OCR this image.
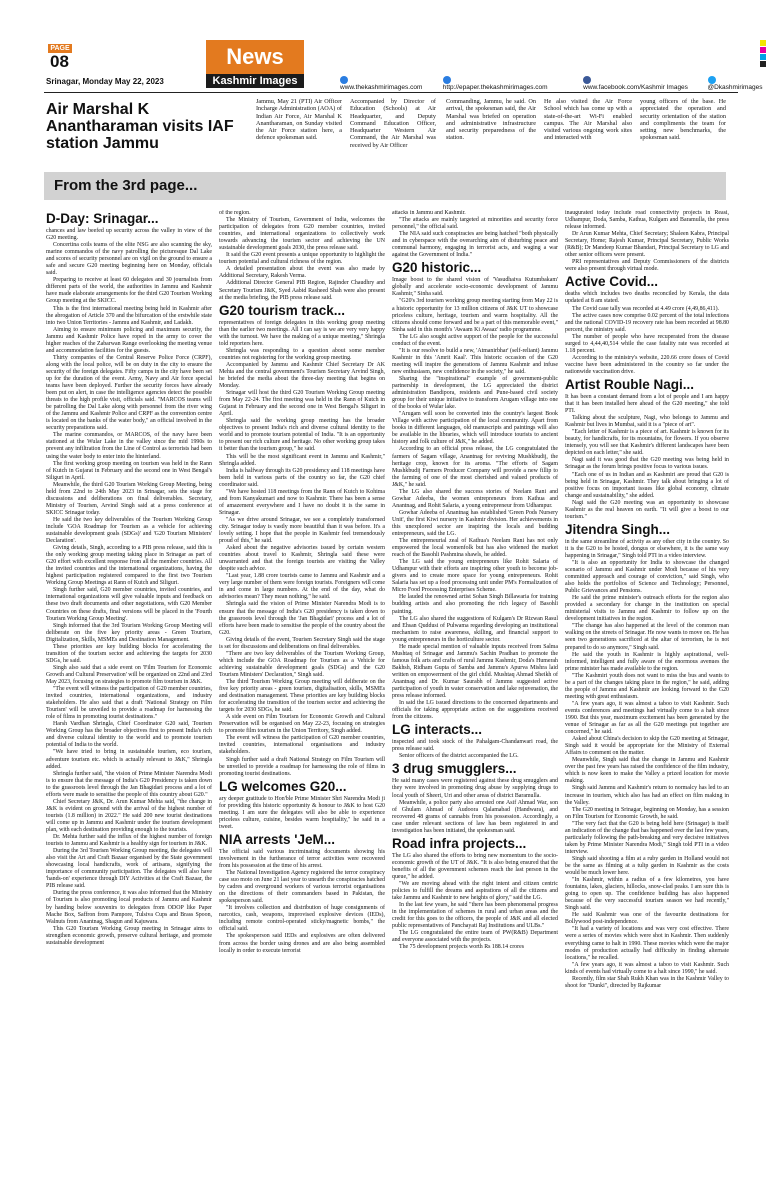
PAGE
08
Srinagar, Monday May 22, 2023
News
Kashmir Images
www.thekashmirimages.com	http://epaper.thekashmirimages.com	www.facebook.com/Kashmir Images	@Dkashmirimages
Air Marshal K Anantharaman visits IAF station Jammu
Jammu, May 21 (PTI) Air Officer Incharge Administration (AOA) of Indian Air Force, Air Marshal K Anantharaman, on Sunday visited the Air Force station here, a defence spokesman said.
Accompanied by Director of Education (Schools) at Air Headquarter, and Deputy Command Education Officer, Headquarter Western Air Command, the Air Marshal was received by Air Officer
Commanding, Jammu, he said. On arrival, the spokesman said, the Air Marshal was briefed on operation and administrative infrastructure and security preparedness of the station.
He also visited the Air Force School which has come up with a state-of-the-art Wi-Fi enabled campus. The Air Marshal also visited various ongoing work sites and interacted with
young officers of the base. He appreciated the operation and security orientation of the station and compliments the team for setting new benchmarks, the spokesman said.
From the 3rd page...
D-Day: Srinagar...

chances and law beefed up security across the valley in view of the G20 meeting.

Concertina coils teams of the elite NSG are also scanning the sky, marine commandos of the navy patrolling the picturesque Dal Lake and scores of security personnel are on vigil on the ground to ensure a safe and secure G20 meeting beginning here on Monday, officials said.

Preparing to receive at least 60 delegates and 30 journalists from different parts of the world, the authorities in Jammu and Kashmir have made elaborate arrangements for the third G20 Tourism Working Group meeting at the SKICC.

This is the first international meeting being held in Kashmir after the abrogation of Article 370 and the bifurcation of the erstwhile state into two Union Territories - Jammu and Kashmir, and Ladakh.

Aiming to ensure minimum policing and maximum security, the Jammu and Kashmir Police have roped in the army to cover the higher reaches of the Zabarwan Range overlooking the meeting venue and accommodation facilities for the guests.

Thirty companies of the Central Reserve Police Force (CRPF), along with the local police, will be on duty in the city to ensure the security of the foreign delegates. Fifty camps in the city have been set up for the duration of the event. Army, Navy and Air force special teams have been deployed. Further the security forces have already been put on alert, in case the intelligence agencies detect the possible threats to the high profile visit, officials said. "MARCOS teams will be patrolling the Dal Lake along with personnel from the river wing of the Jammu and Kashmir Police and CRPF as the convention centre is located on the banks of the water body," an official involved in the security preparations said.

The marine commandos, or MARCOS, of the navy have been stationed at the Wular Lake in the valley since the mid 1990s to prevent any infiltration from the Line of Control as terrorists had been using the water body to enter into the hinterland.

The first working group meeting on tourism was held in the Rann of Kutch in Gujarat in February and the second one in West Bengal's Siliguri in April.

Meanwhile, the third G20 Tourism Working Group Meeting, being held from 22nd to 24th May 2023 in Srinagar, sets the stage for discussions and deliberations on final deliverables. Secretary, Ministry of Tourism, Arvind Singh said at a press conference at SKICC Srinagar today.

He said the two key deliverables of the Tourism Working Group include 'GOA Roadmap for Tourism as a vehicle for achieving sustainable development goals (SDGs)' and 'G20 Tourism Ministers' Declaration'.

Giving details, Singh, according to a PIB press release, said this is the only working group meeting taking place in Srinagar as part of G20 effort with excellent response from all the member countries. All the invited countries and the international organizations, having the highest participation registered compared to the first two Tourism Working Group Meetings at Rann of Kutch and Siliguri.

Singh further said, G20 member countries, invited countries, and international organizations will give valuable inputs and feedback on these two draft documents and other negotiations, with G20 Member Countries on these drafts, final versions will be placed in the 'Fourth Tourism Working Group Meeting'.

Singh informed that the 3rd Tourism Working Group Meeting will deliberate on the five key priority areas - Green Tourism, Digitalization, Skills, MSMEs and Destination Management.

These priorities are key building blocks for accelerating the transition of the tourism sector and achieving the targets for 2030 SDGs, he said.

Singh also said that a side event on 'Film Tourism for Economic Growth and Cultural Preservation' will be organized on 22nd and 23rd May 2023, focusing on strategies to promote film tourism in J&K.

"The event will witness the participation of G20 member countries, invited countries, international organizations, and industry stakeholders. He also said that a draft 'National Strategy on Film Tourism' will be unveiled to provide a roadmap for harnessing the role of films in promoting tourist destinations."

Harsh Vardhan Shringla, Chief Coordinator G20 said, Tourism Working Group has the broader objectives first to present India's rich and diverse cultural identity to the world and to promote tourism potential of India to the world.

"We have tried to bring in sustainable tourism, eco tourism, adventure tourism etc. which is actually relevant to J&K," Shringla added.

Shringla further said, "the vision of Prime Minister Narendra Modi is to ensure that the message of India's G20 Presidency is taken down to the grassroots level through the Jan Bhagidari process and a lot of efforts were made to sensitise the people of this country about G20."

Chief Secretary J&K, Dr. Arun Kumar Mehta said, "the change in J&K is evident on ground with the arrival of the highest number of tourists (1.8 million) in 2022." He said 200 new tourist destinations will come up in Jammu and Kashmir under the tourism development plan, with each destination providing enough to the tourists.

Dr. Mehta further said the influx of the highest number of foreign tourists to Jammu and Kashmir is a healthy sign for tourism in J&K.

During the 3rd Tourism Working Group meeting, the delegates will also visit the Art and Craft Bazaar organised by the State government showcasing local handicrafts, work of artisans, signifying the importance of community participation. The delegates will also have 'hands-on' experience through DIY Activities at the Craft Bazaar, the PIB release said.

During the press conference, it was also informed that the Ministry of Tourism is also promoting local products of Jammu and Kashmir by handing below souvenirs to delegates from ODOP like Paper Mache Box, Saffron from Pampore, Tulsiva Cups and Brass Spoon, Walnuts from Anantnag, Shagun and Kajuwara.

This G20 Tourism Working Group meeting in Srinagar aims to strengthen economic growth, preserve cultural heritage, and promote sustainable development

of the region.

The Ministry of Tourism, Government of India, welcomes the participation of delegates from G20 member countries, invited countries, and international organizations to collectively work towards advancing the tourism sector and achieving the UN sustainable development goals 2030, the press release said.

It said the G20 event presents a unique opportunity to highlight the tourism potential and cultural richness of the region.

A detailed presentation about the event was also made by Additional Secretary, Rakesh Verma.

Additional Director General PIB Region, Rajinder Chaudhry and Secretary Tourism J&K, Syed Aabid Rasheed Shah were also present at the media briefing, the PIB press release said.

G20 tourism track...

representatives of foreign delegates in this working group meeting than the earlier two meetings. All I can say is we are very very happy with the turnout. We have the making of a unique meeting," Shringla told reporters here.

Shringla was responding to a question about some member countries not registering for the working group meeting.

Accompanied by Jammu and Kashmir Chief Secretary Dr AK Mehta and the central government's Tourism Secretary Arvind Singh, he briefed the media about the three-day meeting that begins on Monday.

Srinagar will host the third G20 Tourism Working Group meeting from May 22-24. The first meeting was held in the Rann of Kutch in Gujarat in February and the second one in West Bengal's Siliguri in April.

Shringla said the working group meeting has the broader objectives to present India's rich and diverse cultural identity to the world and to promote tourism potential of India. "It is an opportunity to present our rich culture and heritage. No other working group takes it better than the tourism group," he said.

This will be the most significant event in Jammu and Kashmir," Shringla added.

India is halfway through its G20 presidency and 118 meetings have been held in various parts of the country so far, the G20 chief coordinator said.

"We have hosted 118 meetings from the Rann of Kutch to Kohima and from Kanyakumari and now to Kashmir. There has been a sense of amazement everywhere and I have no doubt it is the same in Srinagar.

"As we drive around Srinagar, we see a completely transformed city. Srinagar today is vastly more beautiful than it was before. It's a lovely setting. I hope that the people in Kashmir feel tremendously proud of this," he said.

Asked about the negative advisories issued by certain western countries about travel to Kashmir, Shringla said these were unwarranted and that the foreign tourists are visiting the Valley despite such advice.

"Last year, 1.88 crore tourists came to Jammu and Kashmir and a very large number of them were foreign tourists. Foreigners will come in and come in large numbers. At the end of the day, what do advisories mean? They mean nothing," he said.

Shringla said the vision of Prime Minister Narendra Modi is to ensure that the message of India's G20 presidency is taken down to the grassroots level through the 'Jan Bhagidari' process and a lot of efforts have been made to sensitise the people of the country about the G20.

Giving details of the event, Tourism Secretary Singh said the stage is set for discussions and deliberations on final deliverables.

"There are two key deliverables of the Tourism Working Group, which include the GOA Roadmap for Tourism as a Vehicle for achieving sustainable development goals (SDGs) and the G20 Tourism Ministers' Declaration," Singh said.

The third Tourism Working Group meeting will deliberate on the five key priority areas - green tourism, digitalisation, skills, MSMEs and destination management. These priorities are key building blocks for accelerating the transition of the tourism sector and achieving the targets for 2030 SDGs, he said.

A side event on Film Tourism for Economic Growth and Cultural Preservation will be organised on May 22-23, focusing on strategies to promote film tourism in the Union Territory, Singh added.

The event will witness the participation of G20 member countries, invited countries, international organisations and industry stakeholders.

Singh further said a draft National Strategy on Film Tourism will be unveiled to provide a roadmap for harnessing the role of films in promoting tourist destinations.

LG welcomes G20...

ary deeper gratitude to Hon'ble Prime Minister Shri Narendra Modi ji for providing this historic opportunity & honour to J&K to host G20 meeting. I am sure the delegates will also be able to experience priceless culture, cuisine, besides warm hospitality," he said in a tweet.

NIA arrests 'JeM...

The official said various incriminating documents showing his involvement in the furtherance of terror activities were recovered from his possession at the time of his arrest.

The National Investigation Agency registered the terror conspiracy case suo moto on June 21 last year to unearth the conspiracies hatched by cadres and overground workers of various terrorist organisations on the directions of their commanders based in Pakistan, the spokesperson said.

"It involves collection and distribution of huge consignments of narcotics, cash, weapons, improvised explosive devices (IEDs), including remote control-operated sticky/magnetic bombs," the official said.

The spokesperson said IEDs and explosives are often delivered from across the border using drones and are also being assembled locally in order to execute terrorist

attacks in Jammu and Kashmir.

"The attacks are mainly targeted at minorities and security force personnel," the official said.

The NIA said such conspiracies are being hatched "both physically and in cyberspace with the overarching aim of disturbing peace and communal harmony, engaging in terrorist acts, and waging a war against the Government of India."

G20 historic...

Image boost to the shared vision of 'Vasudhaiva Kutumbakam' globally and accelerate socio-economic development of Jammu Kashmir," Sinha said.

"G20's 3rd tourism working group meeting starting from May 22 is a historic opportunity for 13 million citizens of J&K UT to showcase priceless culture, heritage, tourism and warm hospitality. All the citizens should come forward and be a part of this memorable event," Sinha said in this month's 'Awaam Ki Awaaz' radio programme.

The LG also sought active support of the people for the successful conduct of the event.

"It is our resolve to build a new, 'Atmanirbhar' (self-reliant) Jammu Kashmir in this 'Amrit Kaal'. This historic occasion of the G20 meeting will inspire the generations of Jammu Kashmir and infuse new enthusiasm, new confidence in the society," he said.

Sharing the "inspirational" example of government-public partnership in development, the LG appreciated the district administration Bandipora, residents and Pune-based civil society group for their unique initiative to transform Arugam village into one of the books of Wular lake.

"Arugam will soon be converted into the country's largest Book Village with active participation of the local community. Apart from books in different languages, old manuscripts and paintings will also be available in the libraries, which will introduce tourists to ancient history and folk culture of J&K," he added.

According to an official press release, the LG congratulated the farmers of Sagam village, Anantnag for reviving Mushkbudij, the heritage crop, known for its aroma. "The efforts of Sagam Mushkbudij Farmers Producer Company will provide a new fillip to the farming of one of the most cherished and valued products of J&K," he said.

The LG also shared the success stories of Neelam Rani and Gowhar Adeeba, the women entrepreneurs from Kathua and Anantnag, and Rohit Salaria, a young entrepreneur from Udhampur.

Gowhar Adeeba of Anantnag has established 'Green Pods Nursery Unit', the first Kiwi nursery in Kashmir division. Her achievements in this unexplored sector are inspiring the locals and budding entrepreneurs, said the LG.

The entrepreneurial zeal of Kathua's Neelam Rani has not only empowered the local womenfolk but has also widened the market reach of the Basohli Pashmina shawls, he added.

The LG said the young entrepreneurs like Rohit Salaria of Udhampur with their efforts are inspiring other youth to become job-givers and to create more space for young entrepreneurs. Rohit Salaria has set up a food processing unit under PM's Formalization of Micro Food Processing Enterprises Scheme.

He lauded the renowned artist Sohan Singh Billawaria for training budding artists and also promoting the rich legacy of Basohli painting.

The LG also shared the suggestions of Kulgam's Dr Rizwan Rasul and Ehsan Quddusi of Pulwama regarding developing an institutional mechanism to raise awareness, skilling, and financial support to young entrepreneurs in the horticulture sector.

He made special mention of valuable inputs received from Salma Mushtaq of Srinagar and Jammu's Sachin Pradhan to promote the famous folk arts and crafts of rural Jammu Kashmir, Doda's Humerah Bakhsh, Ridham Gupta of Samba and Jammu's Apurva Mishra laid written on empowerment of the girl child. Mushtaq Ahmad Sheikh of Anantnag and Dr. Kumar Saurabh of Jammu suggested active participation of youth in water conservation and lake rejuvenation, the press release informed.

In said the LG issued directions to the concerned departments and officials for taking appropriate action on the suggestions received from the citizens.

LG interacts...

inspected and took stock of the Pahalgam-Chandanwari road, the press release said.

Senior officers of the district accompanied the LG.

3 drug smugglers...

He said many cases were registered against these drug smugglers and they were involved in promoting drug abuse by supplying drugs to local youth of Sheeri, Uri and other areas of district Baramulla.

Meanwhile, a police party also arrested one Asif Ahmad War, son of Ghulam Ahmad of Audoora Qalamabad (Handwara), and recovered 48 grams of cannabis from his possession. Accordingly, a case under relevant sections of law has been registered in and investigation has been initiated, the spokesman said.

Road infra projects...

The LG also shared the efforts to bring new momentum to the socio-economic growth of the UT of J&K. "It is also being ensured that the benefits of all the government schemes reach the last person in the queue," he added.

"We are moving ahead with the right intent and citizen centric policies to fulfill the dreams and aspirations of all the citizens and take Jammu and Kashmir to new heights of glory," said the LG.

In the last few years, he said "there has been phenomenal progress in the implementation of schemes in rural and urban areas and the credit for this goes to the officers, the people of J&K and all elected public representatives of Panchayati Raj Institutions and ULBs."

The LG congratulated the entire team of PW(R&B) Department and everyone associated with the projects.

The 75 development projects worth Rs 188.14 crores

inaugurated today include road connectivity projects in Reasi, Udhampur, Doda, Samba, Kathua, Kulgam and Baramulla, the press release informed.

Dr Arun Kumar Mehta, Chief Secretary; Shaleen Kabra, Principal Secretary, Home; Rajesh Kumar, Principal Secretary, Public Works (R&B); Dr Mandeep Kumar Bhandari, Principal Secretary to LG and other senior officers were present.

PRI representatives and Deputy Commissioners of the districts were also present through virtual mode.

Active Covid...

deaths which includes two deaths reconciled by Kerala, the data updated at 8 am stated.

The Covid case tally was recorded at 4.49 crore (4,49,86,411).

The active cases now comprise 0.02 percent of the total infections and the national COVID-19 recovery rate has been recorded at 98.80 percent, the ministry said.

The number of people who have recuperated from the disease surged to 4,44,40,514 while the case fatality rate was recorded at 1.18 percent.

According to the ministry's website, 220.66 crore doses of Covid vaccine have been administered in the country so far under the nationwide vaccination drive.

Artist Rouble Nagi...

It has been a constant demand from a lot of people and I am happy that it has been installed here ahead of the G20 meeting," she told PTI.

Talking about the sculpture, Nagi, who belongs to Jammu and Kashmir but lives in Mumbai, said it is a "piece of art".

"Each letter of Kashmir is a piece of art. Kashmir is known for its beauty, for handicrafts, for its mountains, for flowers. If you observe intensely, you will see that Kashmir's different landscapes have been depicted on each letter," she said.

Nagi said it was good that the G20 meeting was being held in Srinagar as the forum brings positive focus to various issues.

"Each one of us in Indian and as Kashmiri are proud that G20 is being held in Srinagar, Kashmir. They talk about bringing a lot of positive focus on important issues like global economy, climate change and sustainability," she added.

Nagi said the G20 meeting was an opportunity to showcase Kashmir as the real heaven on earth. "It will give a boost to our tourism."

Jitendra Singh...

in the same streamline of activity as any other city in the country. So it is the G20 to be hosted, dongus or elsewhere, it is the same way happening in Srinagar," Singh told PTI in a video interview.

"It is also an opportunity for India to showcase the changed scenario of Jammu and Kashmir under Modi because of his very committed approach and courage of conviction," said Singh, who also holds the portfolios of Science and Technology; Personnel, Public Grievances and Pensions.

He said the prime minister's outreach efforts for the region also provided a secondary for change in the institution on special ministerial visits to Jammu and Kashmir to follow up on the development initiatives in the region.

"The change has also happened at the level of the common man walking on the streets of Srinagar. He now wants to move on. He has seen two generations sacrificed at the altar of terrorism, he is not prepared to do so anymore," Singh said.

He said the youth in Kashmir is highly aspirational, well-informed, intelligent and fully aware of the enormous avenues the prime minister has made available to the region.

"The Kashmiri youth does not want to miss the bus and wants to be a part of the changes taking place in the region," he said, adding the people of Jammu and Kashmir are looking forward to the G20 meeting with great enthusiasm.

"A few years ago, it was almost a taboo to visit Kashmir. Such events conferences and meetings had virtually come to a halt since 1990. But this year, maximum excitement has been generated by the venue of Srinagar as far as all the G20 meetings put together are concerned," he said.

Asked about China's decision to skip the G20 meeting at Srinagar, Singh said it would be appropriate for the Ministry of External Affairs to comment on the matter.

Meanwhile, Singh said that the change in Jammu and Kashmir over the past few years has raised the confidence of the film industry, which is now keen to make the Valley a prized location for movie making.

Singh said Jammu and Kashmir's return to normalcy has led to an increase in tourism, which also has had an effect on film making in the Valley.

The G20 meeting in Srinagar, beginning on Monday, has a session on Film Tourism for Economic Growth, he said.

"The very fact that the G20 is being held here (Srinagar) is itself an indication of the change that has happened over the last few years, particularly following the path-breaking and very decisive initiatives taken by Prime Minister Narendra Modi," Singh told PTI in a video interview.

Singh said shooting a film at a ruby garden in Holland would not be the same as filming at a tulip garden in Kashmir as the costs would be much lower here.

"In Kashmir, within a radius of a few kilometres, you have fountains, lakes, glaciers, hillocks, snow-clad peaks. I am sure this is going to open up. The confidence building has also happened because of the very successful tourism season we had recently," Singh said.

He said Kashmir was one of the favourite destinations for Bollywood post-independence.

"It had a variety of locations and was very cost effective. There were a series of movies which were shot in Kashmir. Then suddenly everything came to halt in 1990. These movies which were the major modes of production actually had difficulty in finding alternate locations," he recalled.

"A few years ago, it was almost a taboo to visit Kashmir. Such kinds of events had virtually come to a halt since 1990," he said.

Recently, film star Shah Rukh Khan was in the Kashmir Valley to shoot for "Dunki", directed by Rajkumar
